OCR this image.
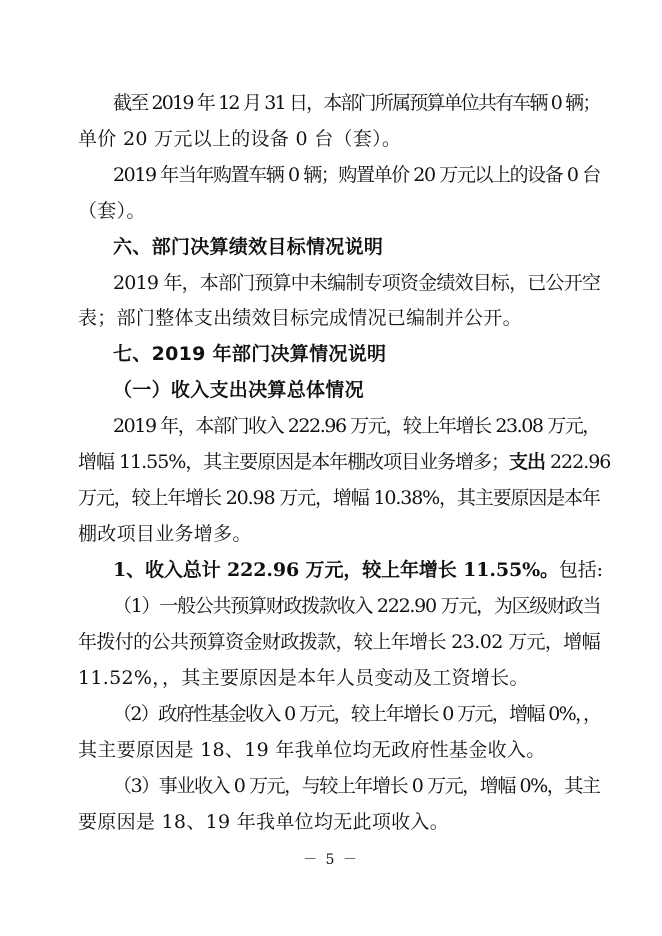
截至 2019 年 12 月 31 日，本部门所属预算单位共有车辆 0 辆；
单价 20 万元以上的设备 0 台（套）。
2019 年当年购置车辆 0 辆；购置单价 20 万元以上的设备 0 台
（套）。
六、部门决算绩效目标情况说明
2019 年，本部门预算中未编制专项资金绩效目标，已公开空
表；部门整体支出绩效目标完成情况已编制并公开。
七、2019 年部门决算情况说明
（一）收入支出决算总体情况
2019 年，本部门收入 222.96 万元，较上年增长 23.08 万元，
增幅 11.55%，其主要原因是本年棚改项目业务增多；支出 222.96
万元，较上年增长 20.98 万元，增幅 10.38%，其主要原因是本年
棚改项目业务增多。
1、收入总计 222.96 万元，较上年增长 11.55%。包括:
（1）一般公共预算财政拨款收入 222.90 万元，为区级财政当
年拨付的公共预算资金财政拨款，较上年增长 23.02 万元，增幅
11.52%，，其主要原因是本年人员变动及工资增长。
（2）政府性基金收入 0 万元，较上年增长 0 万元，增幅 0%，，
其主要原因是 18、19 年我单位均无政府性基金收入。
（3）事业收入 0 万元，与较上年增长 0 万元，增幅 0%，其主
要原因是 18、19 年我单位均无此项收入。
－ 5 －
